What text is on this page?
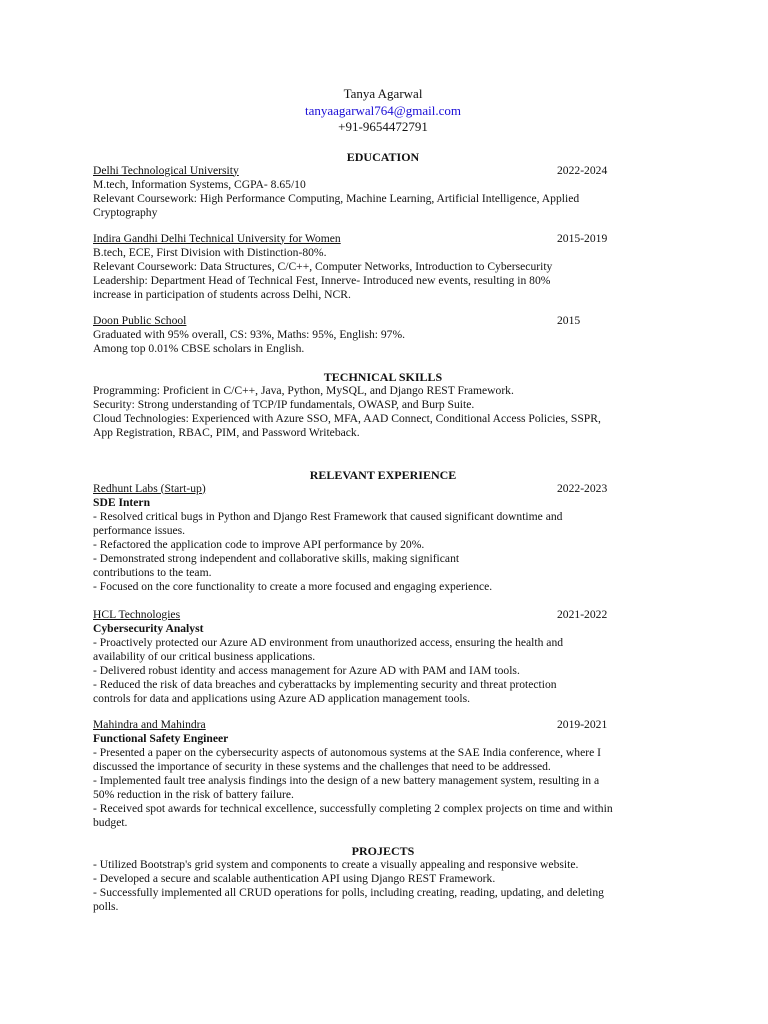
Tanya Agarwal
tanyaagarwal764@gmail.com
+91-9654472791
EDUCATION
Delhi Technological University	2022-2024
M.tech, Information Systems, CGPA- 8.65/10
Relevant Coursework: High Performance Computing, Machine Learning, Artificial Intelligence, Applied
Cryptography
Indira Gandhi Delhi Technical University for Women	2015-2019
B.tech, ECE, First Division with Distinction-80%.
Relevant Coursework: Data Structures, C/C++, Computer Networks, Introduction to Cybersecurity
Leadership: Department Head of Technical Fest, Innerve- Introduced new events, resulting in 80%
increase in participation of students across Delhi, NCR.
Doon Public School	2015
Graduated with 95% overall, CS: 93%, Maths: 95%, English: 97%.
Among top 0.01% CBSE scholars in English.
TECHNICAL SKILLS
Programming: Proficient in C/C++, Java, Python, MySQL, and Django REST Framework.
Security: Strong understanding of TCP/IP fundamentals, OWASP, and Burp Suite.
Cloud Technologies: Experienced with Azure SSO, MFA, AAD Connect, Conditional Access Policies, SSPR,
App Registration, RBAC, PIM, and Password Writeback.
RELEVANT EXPERIENCE
Redhunt Labs (Start-up)	2022-2023
SDE Intern
- Resolved critical bugs in Python and Django Rest Framework that caused significant downtime and
performance issues.
- Refactored the application code to improve API performance by 20%.
- Demonstrated strong independent and collaborative skills, making significant
contributions to the team.
- Focused on the core functionality to create a more focused and engaging experience.
HCL Technologies	2021-2022
Cybersecurity Analyst
- Proactively protected our Azure AD environment from unauthorized access, ensuring the health and
availability of our critical business applications.
- Delivered robust identity and access management for Azure AD with PAM and IAM tools.
- Reduced the risk of data breaches and cyberattacks by implementing security and threat protection
controls for data and applications using Azure AD application management tools.
Mahindra and Mahindra	2019-2021
Functional Safety Engineer
- Presented a paper on the cybersecurity aspects of autonomous systems at the SAE India conference, where I
discussed the importance of security in these systems and the challenges that need to be addressed.
- Implemented fault tree analysis findings into the design of a new battery management system, resulting in a
50% reduction in the risk of battery failure.
- Received spot awards for technical excellence, successfully completing 2 complex projects on time and within
budget.
PROJECTS
- Utilized Bootstrap's grid system and components to create a visually appealing and responsive website.
- Developed a secure and scalable authentication API using Django REST Framework.
- Successfully implemented all CRUD operations for polls, including creating, reading, updating, and deleting
polls.
